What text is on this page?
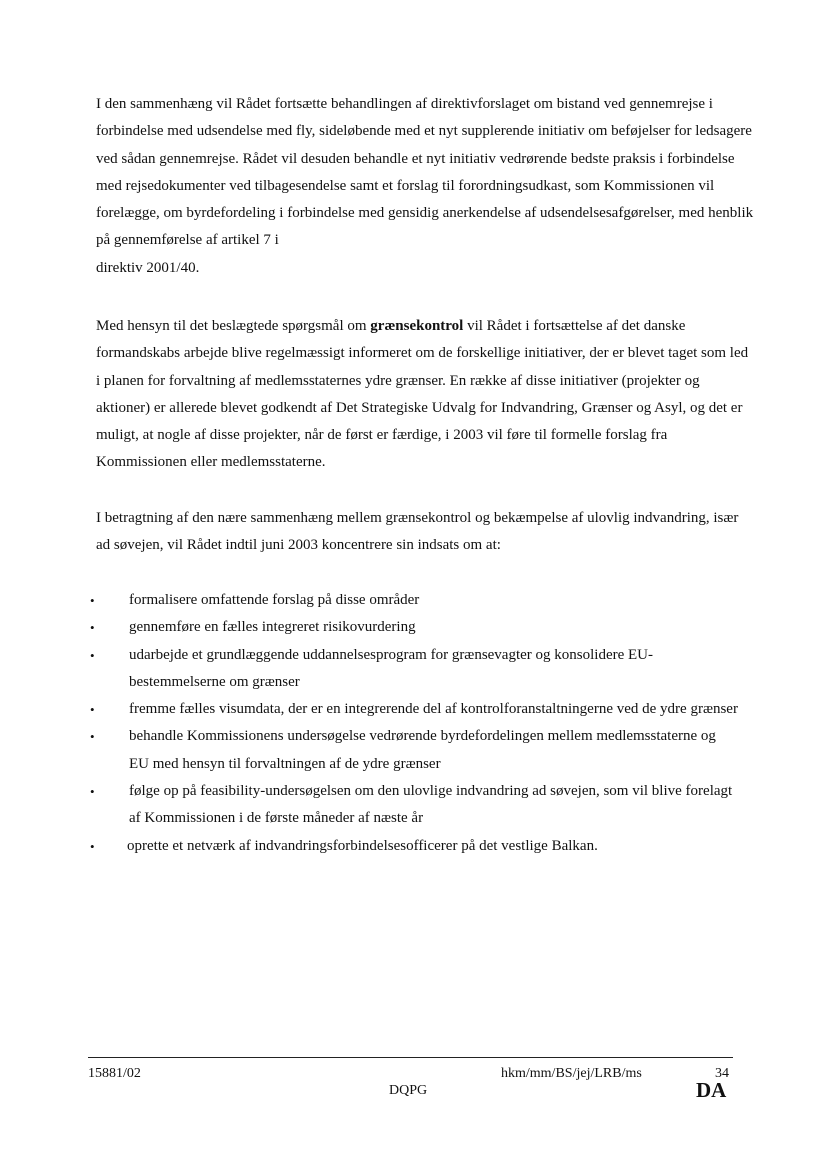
I den sammenhæng vil Rådet fortsætte behandlingen af direktivforslaget om bistand ved gennemrejse i forbindelse med udsendelse med fly, sideløbende med et nyt supplerende initiativ om beføjelser for ledsagere ved sådan gennemrejse. Rådet vil desuden behandle et nyt initiativ vedrørende bedste praksis i forbindelse med rejsedokumenter ved tilbagesendelse samt et forslag til forordningsudkast, som Kommissionen vil forelægge, om byrdefordeling i forbindelse med gensidig anerkendelse af udsendelsesafgørelser, med henblik på gennemførelse af artikel 7 i
direktiv 2001/40.

Med hensyn til det beslægtede spørgsmål om grænsekontrol vil Rådet i fortsættelse af det danske formandskabs arbejde blive regelmæssigt informeret om de forskellige initiativer, der er blevet taget som led i planen for forvaltning af medlemsstaternes ydre grænser. En række af disse initiativer (projekter og aktioner) er allerede blevet godkendt af Det Strategiske Udvalg for Indvandring, Grænser og Asyl, og det er muligt, at nogle af disse projekter, når de først er færdige, i 2003 vil føre til formelle forslag fra Kommissionen eller medlemsstaterne.

I betragtning af den nære sammenhæng mellem grænsekontrol og bekæmpelse af ulovlig indvandring, især ad søvejen, vil Rådet indtil juni 2003 koncentrere sin indsats om at:

• formalisere omfattende forslag på disse områder
• gennemføre en fælles integreret risikovurdering
• udarbejde et grundlæggende uddannelsesprogram for grænsevagter og konsolidere EU-bestemmelserne om grænser
• fremme fælles visumdata, der er en integrerende del af kontrolforanstaltningerne ved de ydre grænser
• behandle Kommissionens undersøgelse vedrørende byrdefordelingen mellem medlemsstaterne og EU med hensyn til forvaltningen af de ydre grænser
• følge op på feasibility-undersøgelsen om den ulovlige indvandring ad søvejen, som vil blive forelagt af Kommissionen i de første måneder af næste år
• oprette et netværk af indvandringsforbindelsesofficerer på det vestlige Balkan.
15881/02
DQPG
hkm/mm/BS/jej/LRB/ms	34
DA
